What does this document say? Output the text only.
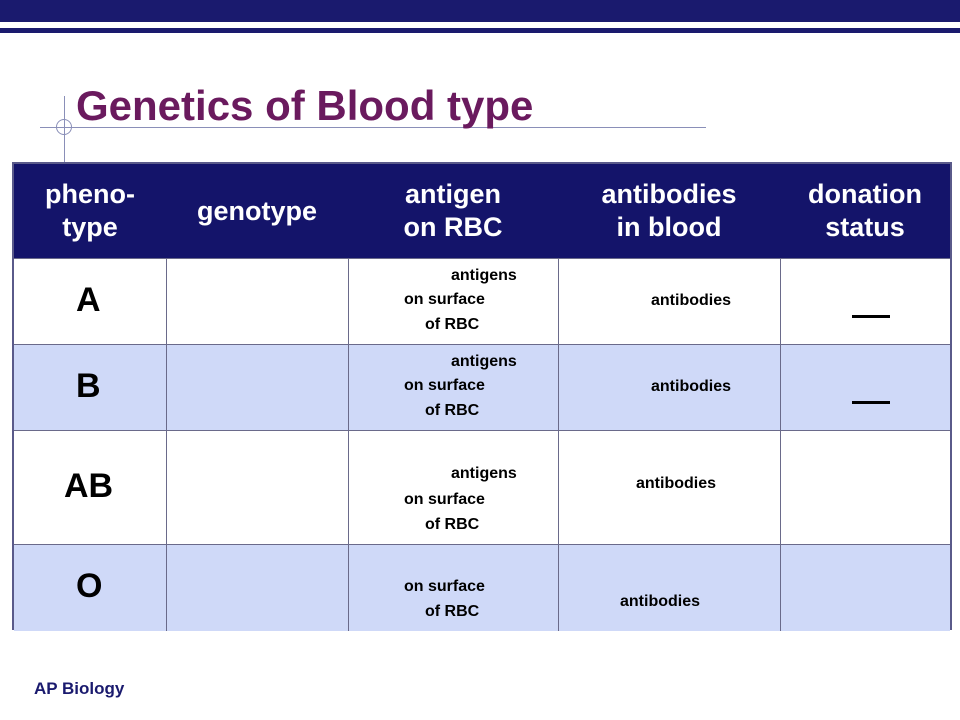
Genetics of Blood type
pheno-
type
genotype
antigen
on RBC
antibodies
in blood
donation
status
A
antigens
on surface
of RBC
antibodies
B
antigens
on surface
of RBC
antibodies
AB	antigens
on surface
of RBC
antibodies
O	on surface
of RBC
antibodies
AP Biology
